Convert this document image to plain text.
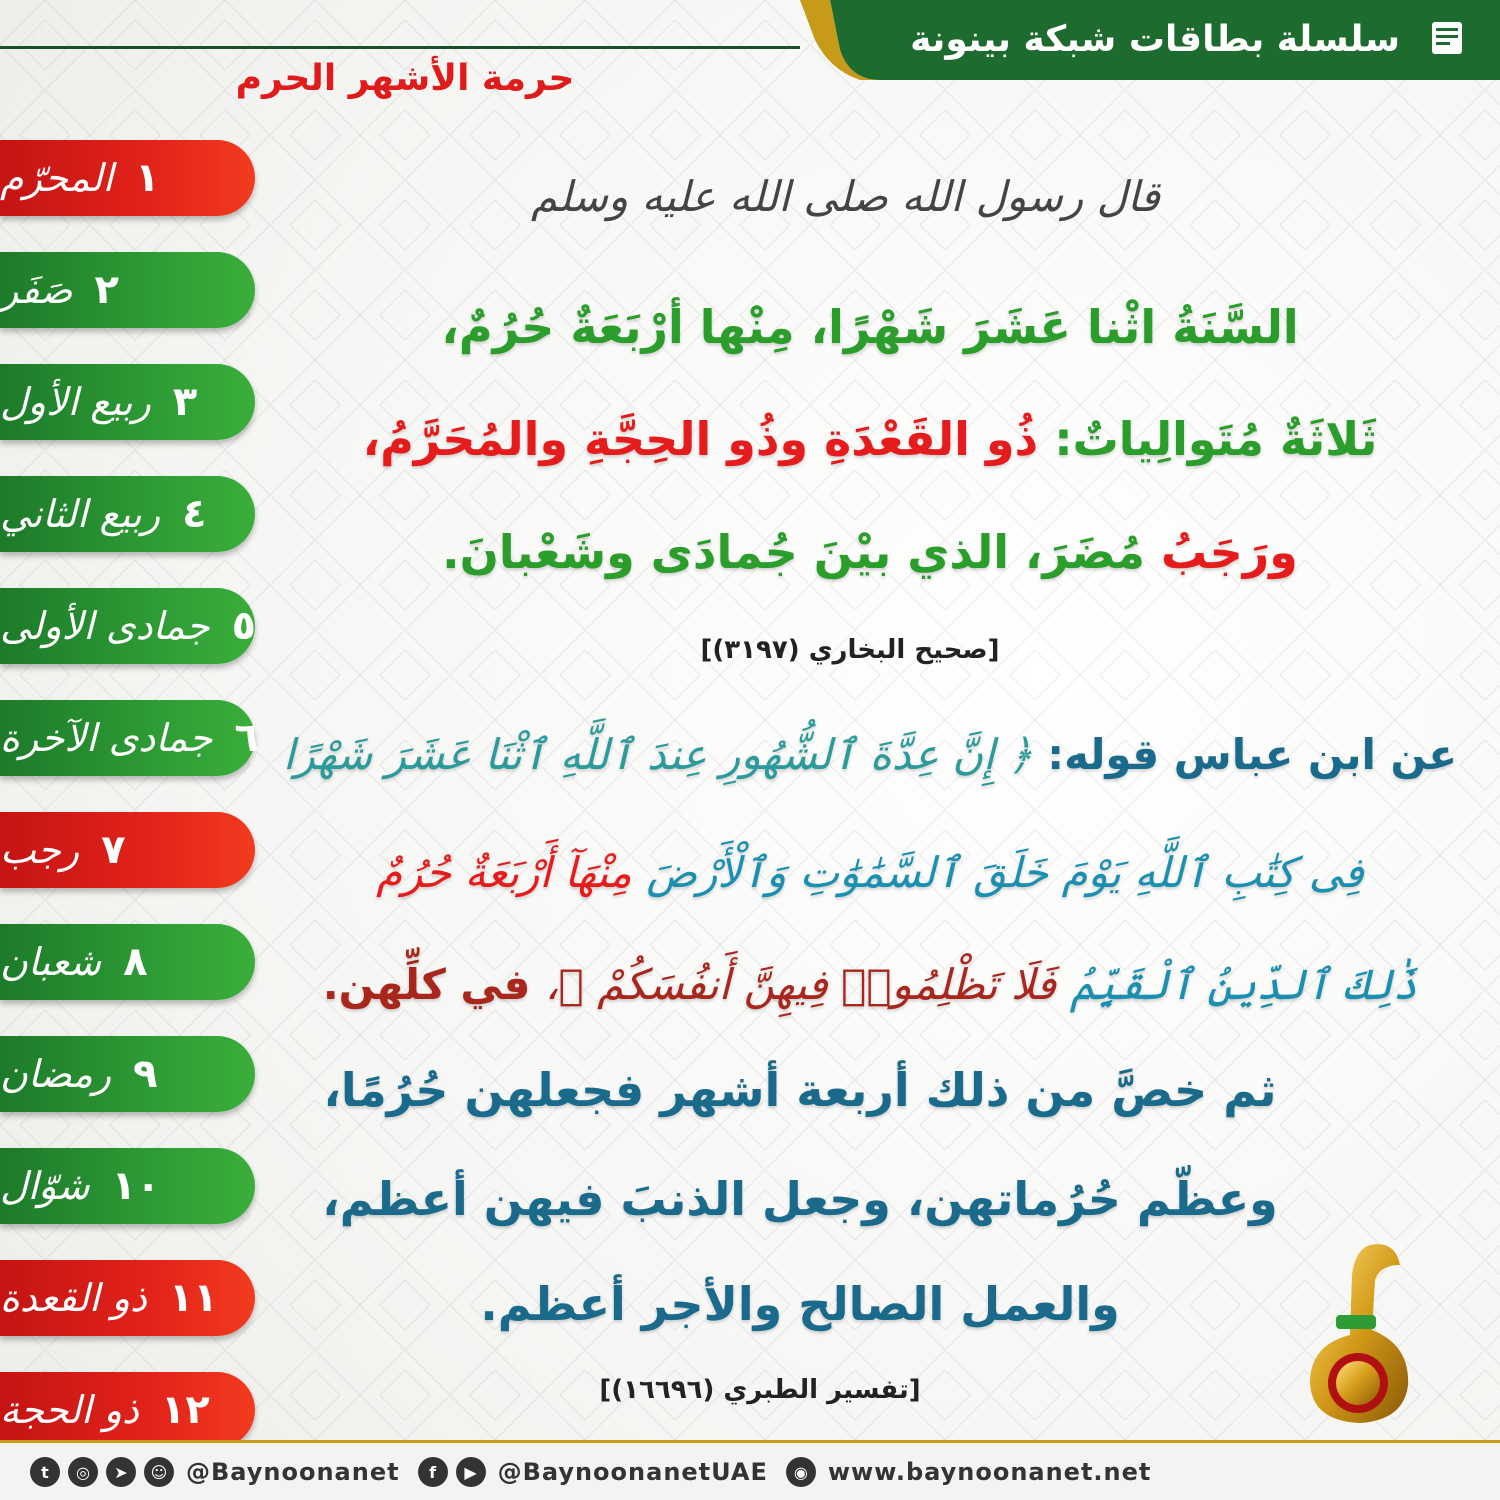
سلسلة بطاقات شبكة بينونة
حرمة الأشهر الحرم
١
المحرّم
٢
صَفَر
٣
ربيع الأول
٤
ربيع الثاني
٥
جمادى الأولى
٦
جمادى الآخرة
٧
رجب
٨
شعبان
٩
رمضان
١٠
شوّال
١١
ذو القعدة
١٢
ذو الحجة
قال رسول الله صلى الله عليه وسلم
السَّنَةُ اثْنا عَشَرَ شَهْرًا، مِنْها أرْبَعَةٌ حُرُمٌ،
ثَلاثَةٌ مُتَوالِياتٌ: ذُو القَعْدَةِ وذُو الحِجَّةِ والمُحَرَّمُ،
ورَجَبُ مُضَرَ، الذي بيْنَ جُمادَى وشَعْبانَ.
[صحيح البخاري (٣١٩٧)]
عن ابن عباس قوله: ﴿ إِنَّ عِدَّةَ ٱلشُّهُورِ عِندَ ٱللَّهِ ٱثْنَا عَشَرَ شَهْرًا
فِى كِتَٰبِ ٱللَّهِ يَوْمَ خَلَقَ ٱلسَّمَٰوَٰتِ وَٱلْأَرْضَ مِنْهَآ أَرْبَعَةٌ حُرُمٌ
ذَٰلِكَ ٱلدِّينُ ٱلْقَيِّمُ فَلَا تَظْلِمُوا۟ فِيهِنَّ أَنفُسَكُمْ ﴾، في كلِّهن.
ثم خصَّ من ذلك أربعة أشهر فجعلهن حُرُمًا،
وعظّم حُرُماتهن، وجعل الذنبَ فيهن أعظم،
والعمل الصالح والأجر أعظم.
[تفسير الطبري (١٦٦٩٦)]
t	◎	➤	☺ @Baynoonanet	f	▶ @BaynoonanetUAE	◉ www.baynoonanet.net
